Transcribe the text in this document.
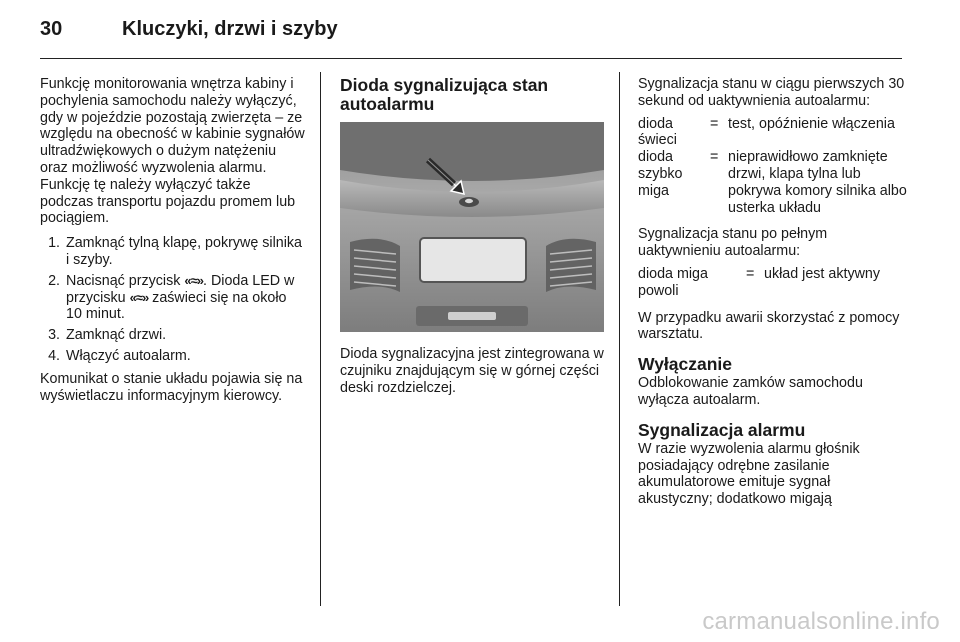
30	Kluczyki, drzwi i szyby

Funkcję monitorowania wnętrza kabiny i pochylenia samochodu należy wyłączyć, gdy w pojeździe pozostają zwierzęta – ze względu na obecność w kabinie sygnałów ultradźwiękowych o dużym natężeniu oraz możliwość wyzwolenia alarmu. Funkcję tę należy wyłączyć także podczas transportu pojazdu promem lub pociągiem.

1. Zamknąć tylną klapę, pokrywę silnika i szyby.
2. Nacisnąć przycisk «≈». Dioda LED w przycisku «≈» zaświeci się na około 10 minut.
3. Zamknąć drzwi.
4. Włączyć autoalarm.

Komunikat o stanie układu pojawia się na wyświetlaczu informacyjnym kierowcy.

Dioda sygnalizująca stan autoalarmu

Dioda sygnalizacyjna jest zintegrowana w czujniku znajdującym się w górnej części deski rozdzielczej.

Sygnalizacja stanu w ciągu pierwszych 30 sekund od uaktywnienia autoalarmu:

dioda świeci	=	test, opóźnienie włączenia
dioda szybko miga	=	nieprawidłowo zamknięte drzwi, klapa tylna lub pokrywa komory silnika albo usterka układu

Sygnalizacja stanu po pełnym uaktywnieniu autoalarmu:

dioda miga powoli	=	układ jest aktywny

W przypadku awarii skorzystać z pomocy warsztatu.

Wyłączanie

Odblokowanie zamków samochodu wyłącza autoalarm.

Sygnalizacja alarmu

W razie wyzwolenia alarmu głośnik posiadający odrębne zasilanie akumulatorowe emituje sygnał akustyczny; dodatkowo migają

carmanualsonline.info
